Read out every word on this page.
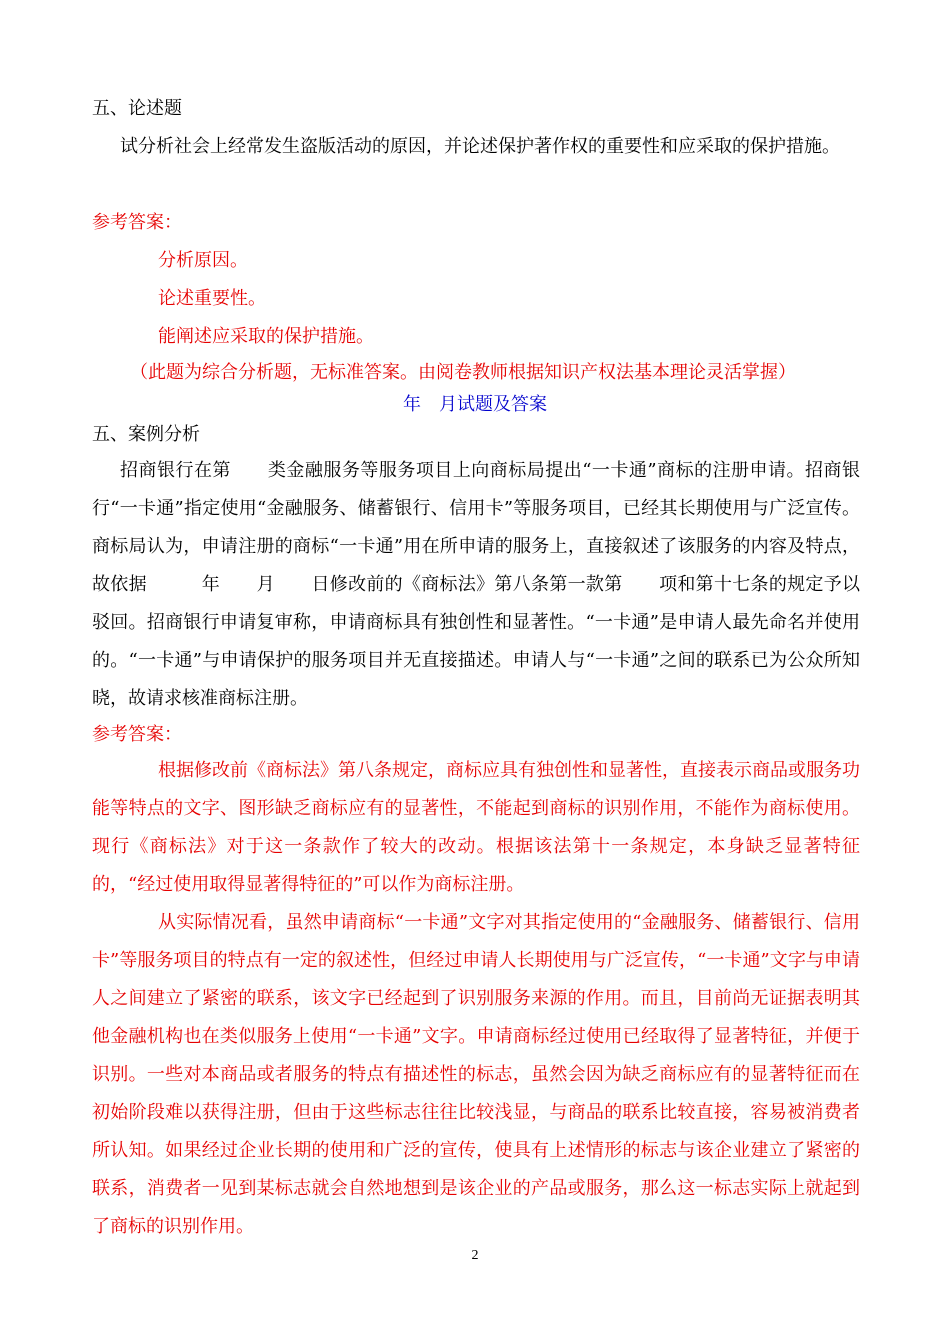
五、论述题
试分析社会上经常发生盗版活动的原因，并论述保护著作权的重要性和应采取的保护措施。
参考答案：
分析原因。
论述重要性。
能阐述应采取的保护措施。
（此题为综合分析题，无标准答案。由阅卷教师根据知识产权法基本理论灵活掌握）
年　月试题及答案
五、案例分析
招商银行在第　　类金融服务等服务项目上向商标局提出“一卡通”商标的注册申请。招商银行“一卡通”指定使用“金融服务、储蓄银行、信用卡”等服务项目，已经其长期使用与广泛宣传。商标局认为，申请注册的商标“一卡通”用在所申请的服务上，直接叙述了该服务的内容及特点，故依据　　　年　　月　　日修改前的《商标法》第八条第一款第　　项和第十七条的规定予以驳回。招商银行申请复审称，申请商标具有独创性和显著性。“一卡通”是申请人最先命名并使用的。“一卡通”与申请保护的服务项目并无直接描述。申请人与“一卡通”之间的联系已为公众所知晓，故请求核准商标注册。
参考答案：
根据修改前《商标法》第八条规定，商标应具有独创性和显著性，直接表示商品或服务功能等特点的文字、图形缺乏商标应有的显著性，不能起到商标的识别作用，不能作为商标使用。现行《商标法》对于这一条款作了较大的改动。根据该法第十一条规定，本身缺乏显著特征的，“经过使用取得显著得特征的”可以作为商标注册。
从实际情况看，虽然申请商标“一卡通”文字对其指定使用的“金融服务、储蓄银行、信用卡”等服务项目的特点有一定的叙述性，但经过申请人长期使用与广泛宣传，“一卡通”文字与申请人之间建立了紧密的联系，该文字已经起到了识别服务来源的作用。而且，目前尚无证据表明其他金融机构也在类似服务上使用“一卡通”文字。申请商标经过使用已经取得了显著特征，并便于识别。一些对本商品或者服务的特点有描述性的标志，虽然会因为缺乏商标应有的显著特征而在初始阶段难以获得注册，但由于这些标志往往比较浅显，与商品的联系比较直接，容易被消费者所认知。如果经过企业长期的使用和广泛的宣传，使具有上述情形的标志与该企业建立了紧密的联系，消费者一见到某标志就会自然地想到是该企业的产品或服务，那么这一标志实际上就起到了商标的识别作用。
2
